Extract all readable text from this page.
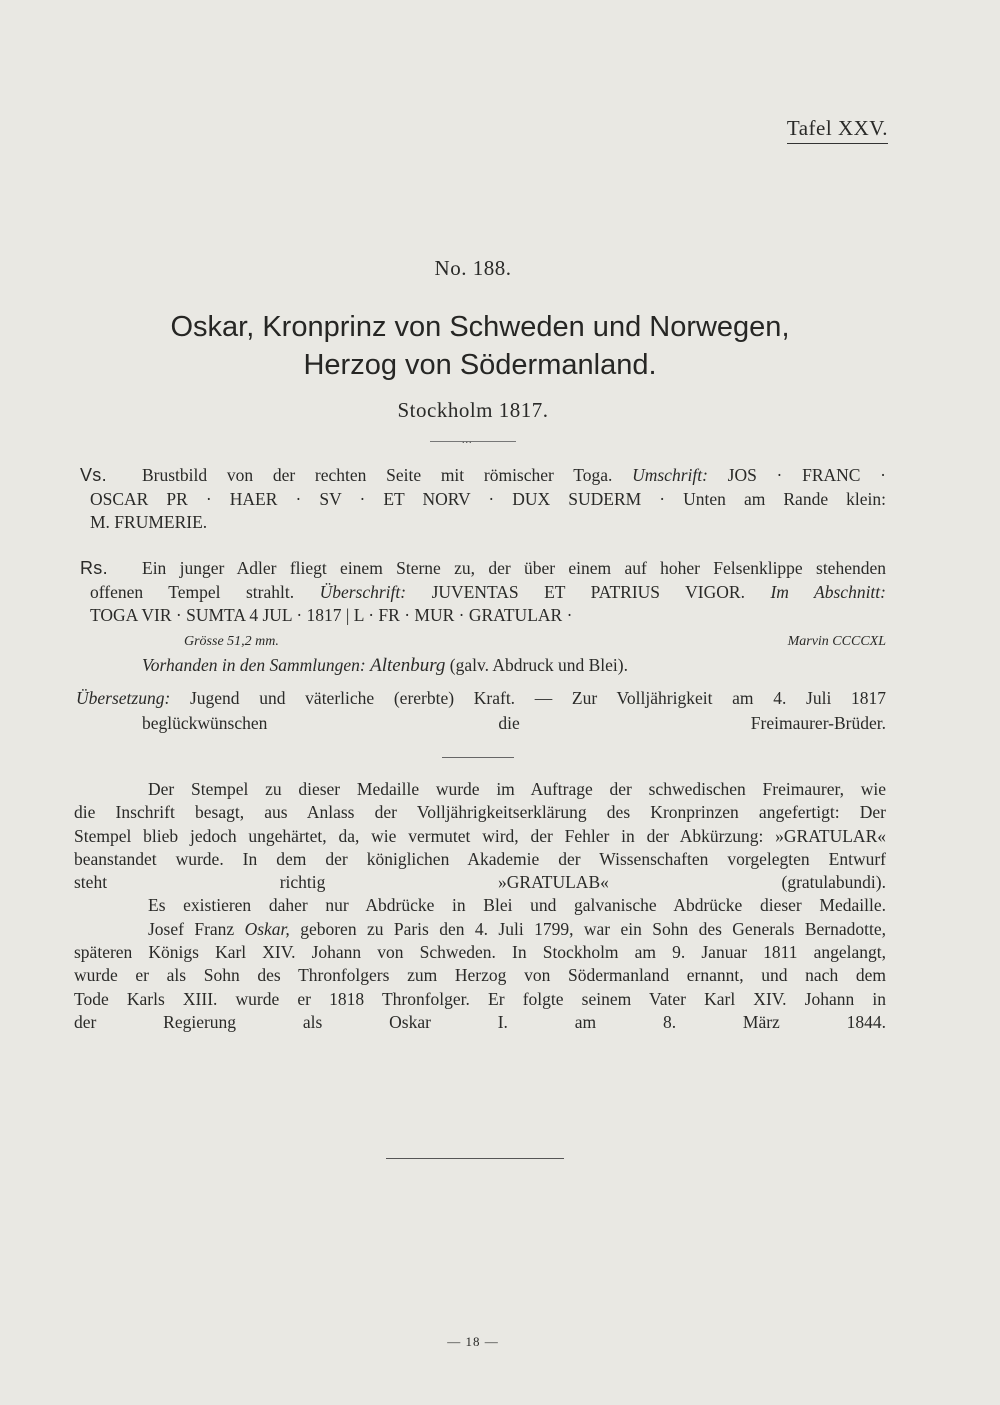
Tafel XXV.
No. 188.
Oskar, Kronprinz von Schweden und Norwegen,
Herzog von Södermanland.
Stockholm 1817.
...
Vs. Brustbild von der rechten Seite mit römischer Toga. Umschrift: JOS · FRANC ·
OSCAR PR · HAER · SV · ET NORV · DUX SUDERM · Unten am Rande klein:
M. FRUMERIE.
Rs. Ein junger Adler fliegt einem Sterne zu, der über einem auf hoher Felsenklippe stehenden
offenen Tempel strahlt. Überschrift: JUVENTAS ET PATRIUS VIGOR. Im Abschnitt:
TOGA VIR · SUMTA 4 JUL · 1817 | L · FR · MUR · GRATULAR ·
Grösse 51,2 mm.	Marvin CCCCXL
Vorhanden in den Sammlungen: Altenburg (galv. Abdruck und Blei).
Übersetzung: Jugend und väterliche (ererbte) Kraft. — Zur Volljährigkeit am 4. Juli 1817
beglückwünschen die Freimaurer-Brüder.

Der Stempel zu dieser Medaille wurde im Auftrage der schwedischen Freimaurer, wie
die Inschrift besagt, aus Anlass der Volljährigkeitserklärung des Kronprinzen angefertigt: Der
Stempel blieb jedoch ungehärtet, da, wie vermutet wird, der Fehler in der Abkürzung: »GRATULAR«
beanstandet wurde. In dem der königlichen Akademie der Wissenschaften vorgelegten Entwurf
steht richtig »GRATULAB« (gratulabundi).

Es existieren daher nur Abdrücke in Blei und galvanische Abdrücke dieser Medaille.

Josef Franz Oskar, geboren zu Paris den 4. Juli 1799, war ein Sohn des Generals Bernadotte,
späteren Königs Karl XIV. Johann von Schweden. In Stockholm am 9. Januar 1811 angelangt,
wurde er als Sohn des Thronfolgers zum Herzog von Södermanland ernannt, und nach dem
Tode Karls XIII. wurde er 1818 Thronfolger. Er folgte seinem Vater Karl XIV. Johann in
der Regierung als Oskar I. am 8. März 1844.

— 18 —
